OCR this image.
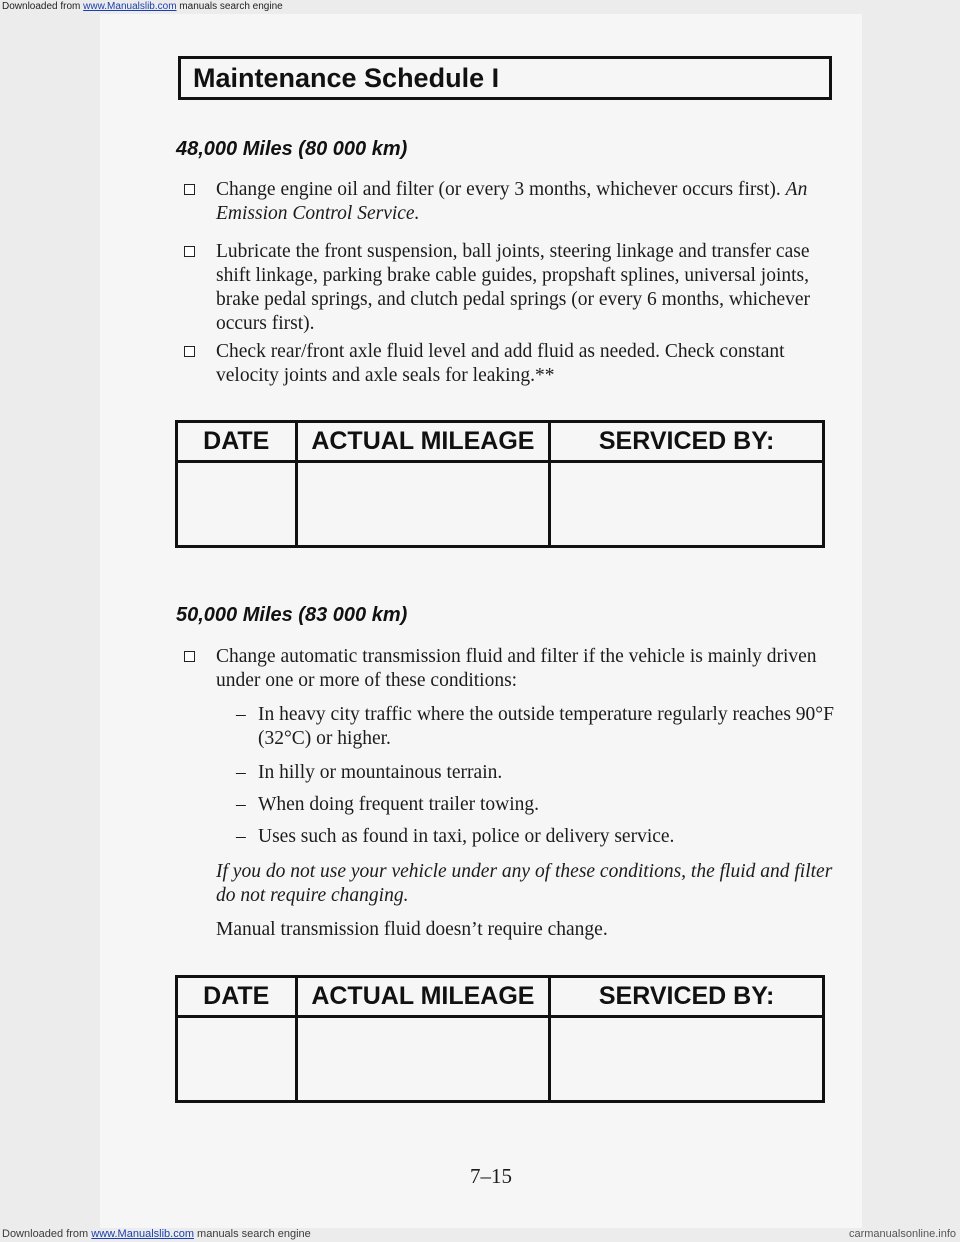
Downloaded from www.Manualslib.com manuals search engine
Maintenance Schedule I
48,000 Miles (80 000 km)
Change engine oil and filter (or every 3 months, whichever occurs first). An Emission Control Service.
Lubricate the front suspension, ball joints, steering linkage and transfer case shift linkage, parking brake cable guides, propshaft splines, universal joints, brake pedal springs, and clutch pedal springs (or every 6 months, whichever occurs first).
Check rear/front axle fluid level and add fluid as needed. Check constant velocity joints and axle seals for leaking.**
DATE	ACTUAL MILEAGE	SERVICED BY:

50,000 Miles (83 000 km)
Change automatic transmission fluid and filter if the vehicle is mainly driven under one or more of these conditions:
– In heavy city traffic where the outside temperature regularly reaches 90°F (32°C) or higher.
– In hilly or mountainous terrain.
– When doing frequent trailer towing.
– Uses such as found in taxi, police or delivery service.
If you do not use your vehicle under any of these conditions, the fluid and filter do not require changing.
Manual transmission fluid doesn’t require change.
DATE	ACTUAL MILEAGE	SERVICED BY:

7–15
Downloaded from www.Manualslib.com manuals search engine	carmanualsonline.info
